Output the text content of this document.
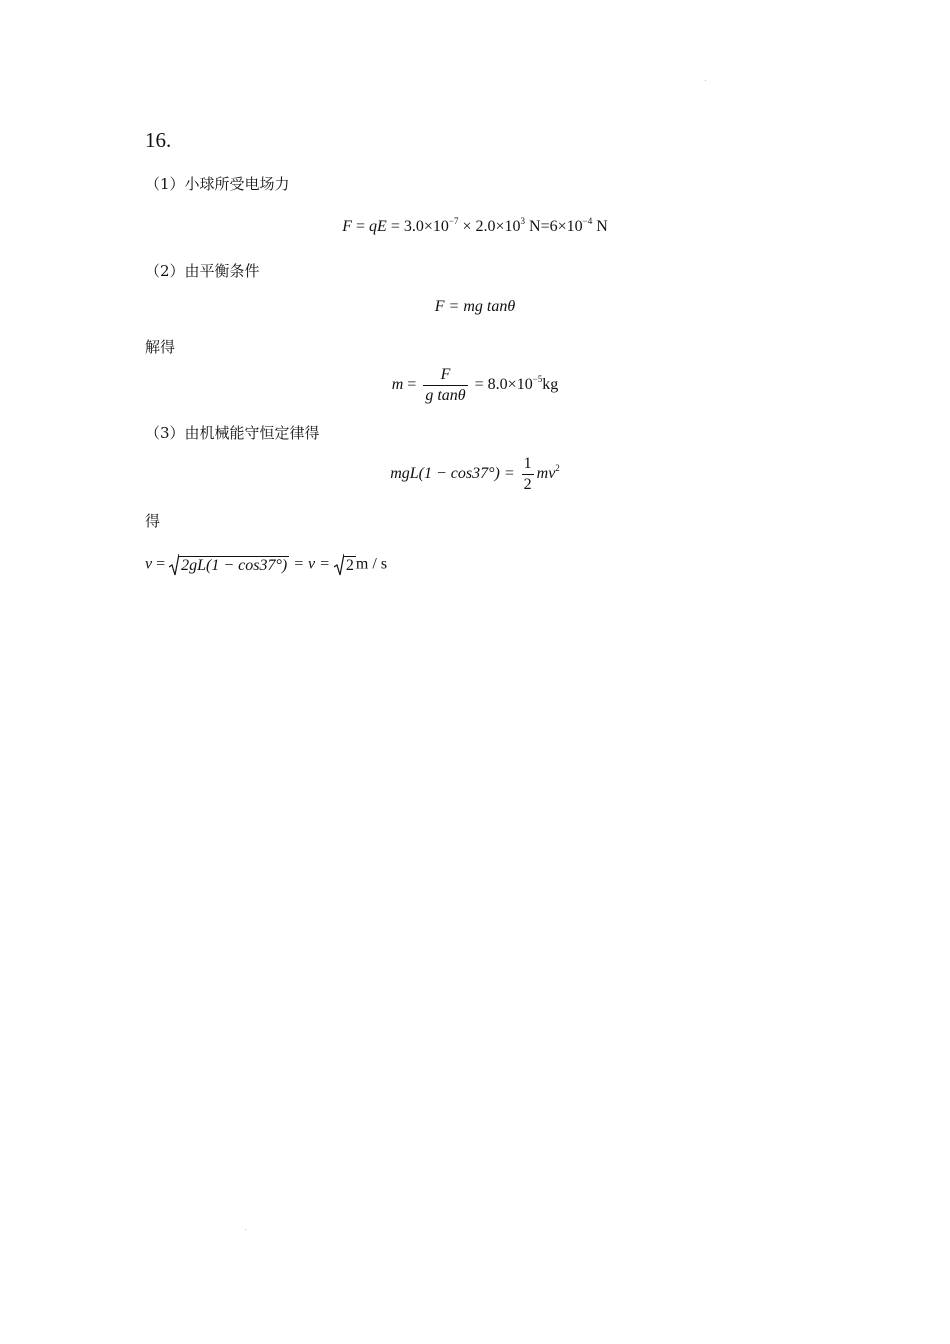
16.
（1）小球所受电场力
F = qE = $3.0\times 10^{-7} \times 2.0\times 10^3$ $N=6\times 10^{-4}$ N
（2）由平衡条件
F = mg tanθ
解得
$m = \frac{F}{\text{g tanθ}} = 8.0\times 10^{-5}kg$
（3）由机械能守恒定律得
$mgL(1 - \cos 37^\circ) = \frac{1}{2} mv^2$
得
v = 2gL(1 − cos37°) = v = 2 m / s
